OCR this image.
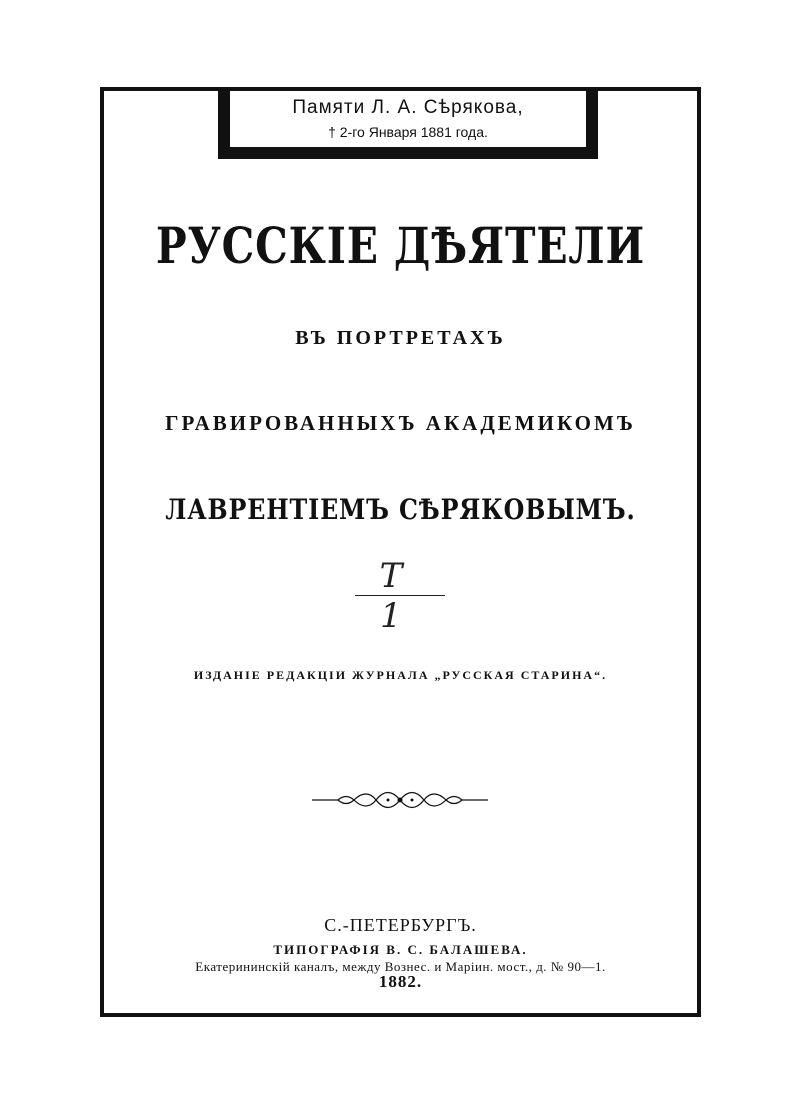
Памяти Л. А. Сѣрякова,
† 2-го Января 1881 года.
РУССКІЕ ДѢЯТЕЛИ
ВЪ ПОРТРЕТАХЪ
ГРАВИРОВАННЫХЪ АКАДЕМИКОМЪ
ЛАВРЕНТІЕМЪ СѢРЯКОВЫМЪ.
Т 1
ИЗДАНІЕ РЕДАКЦІИ ЖУРНАЛА „РУССКАЯ СТАРИНА“.
С.-ПЕТЕРБУРГЪ.
ТИПОГРАФІЯ В. С. БАЛАШЕВА.
Екатерининскій каналъ, между Вознес. и Маріин. мост., д. № 90—1.
1882.
